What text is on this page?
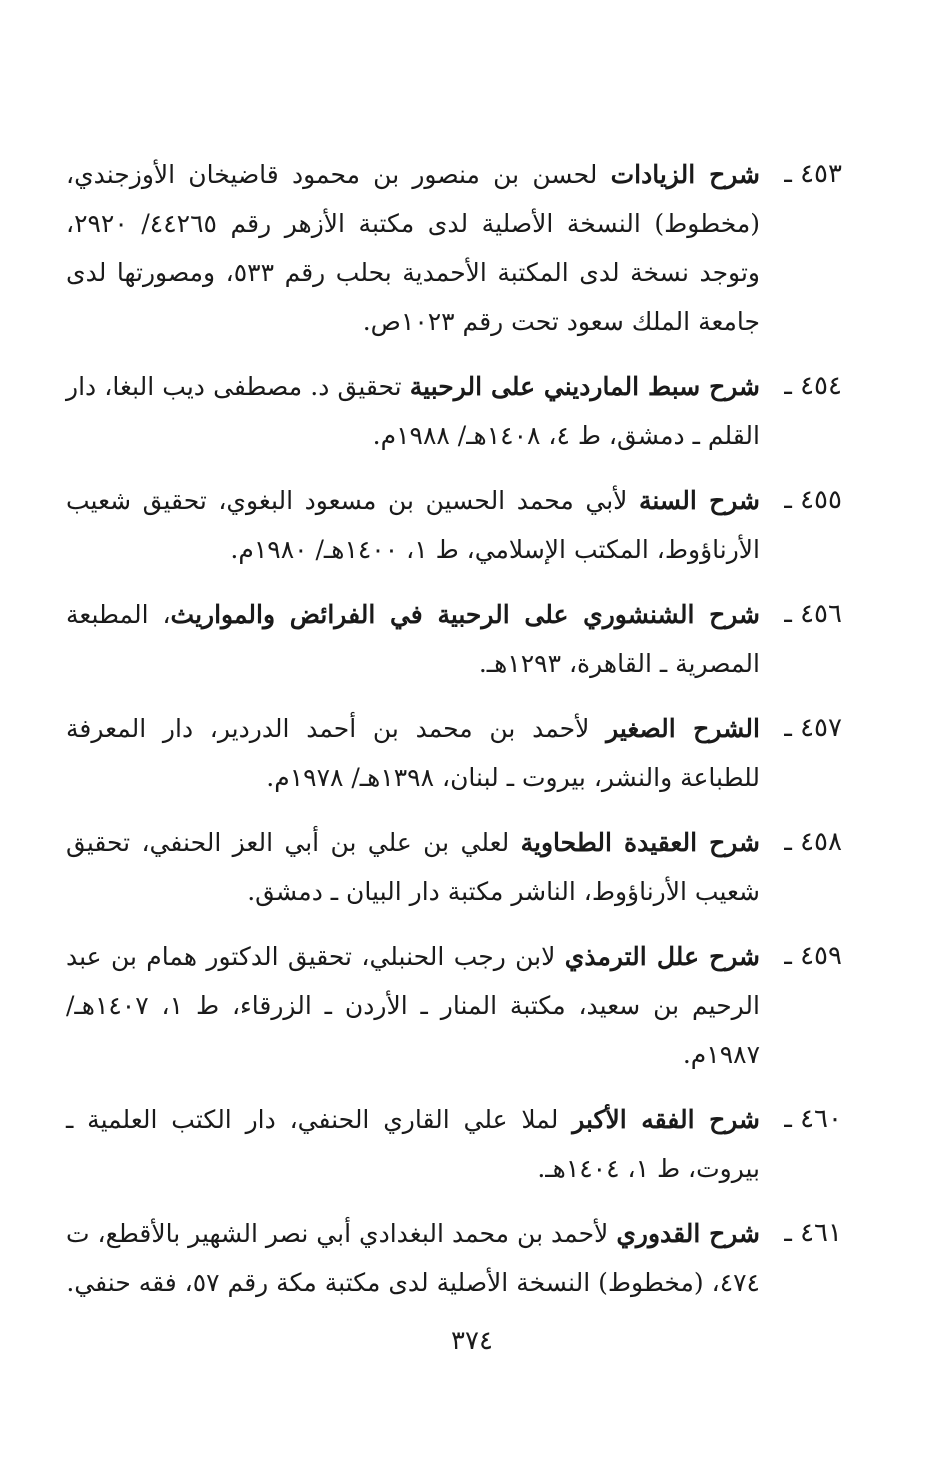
٤٥٣ ـ

شرح الزيادات لحسن بن منصور بن محمود قاضيخان الأوزجندي، (مخطوط) النسخة الأصلية لدى مكتبة الأزهر رقم ٤٤٢٦٥/ ٢٩٢٠، وتوجد نسخة لدى المكتبة الأحمدية بحلب رقم ٥٣٣، ومصورتها لدى جامعة الملك سعود تحت رقم ١٠٢٣ص.

٤٥٤ ـ

شرح سبط المارديني على الرحبية تحقيق د. مصطفى ديب البغا، دار القلم ـ دمشق، ط ٤، ١٤٠٨هـ/ ١٩٨٨م.

٤٥٥ ـ

شرح السنة لأبي محمد الحسين بن مسعود البغوي، تحقيق شعيب الأرناؤوط، المكتب الإسلامي، ط ١، ١٤٠٠هـ/ ١٩٨٠م.

٤٥٦ ـ

شرح الشنشوري على الرحبية في الفرائض والمواريث، المطبعة المصرية ـ القاهرة، ١٢٩٣هـ.

٤٥٧ ـ

الشرح الصغير لأحمد بن محمد بن أحمد الدردير، دار المعرفة للطباعة والنشر، بيروت ـ لبنان، ١٣٩٨هـ/ ١٩٧٨م.

٤٥٨ ـ

شرح العقيدة الطحاوية لعلي بن علي بن أبي العز الحنفي، تحقيق شعيب الأرناؤوط، الناشر مكتبة دار البيان ـ دمشق.

٤٥٩ ـ

شرح علل الترمذي لابن رجب الحنبلي، تحقيق الدكتور همام بن عبد الرحيم بن سعيد، مكتبة المنار ـ الأردن ـ الزرقاء، ط ١، ١٤٠٧هـ/ ١٩٨٧م.

٤٦٠ ـ

شرح الفقه الأكبر لملا علي القاري الحنفي، دار الكتب العلمية ـ بيروت، ط ١، ١٤٠٤هـ.

٤٦١ ـ

شرح القدوري لأحمد بن محمد البغدادي أبي نصر الشهير بالأقطع، ت ٤٧٤، (مخطوط) النسخة الأصلية لدى مكتبة مكة رقم ٥٧، فقه حنفي.

٣٧٤
